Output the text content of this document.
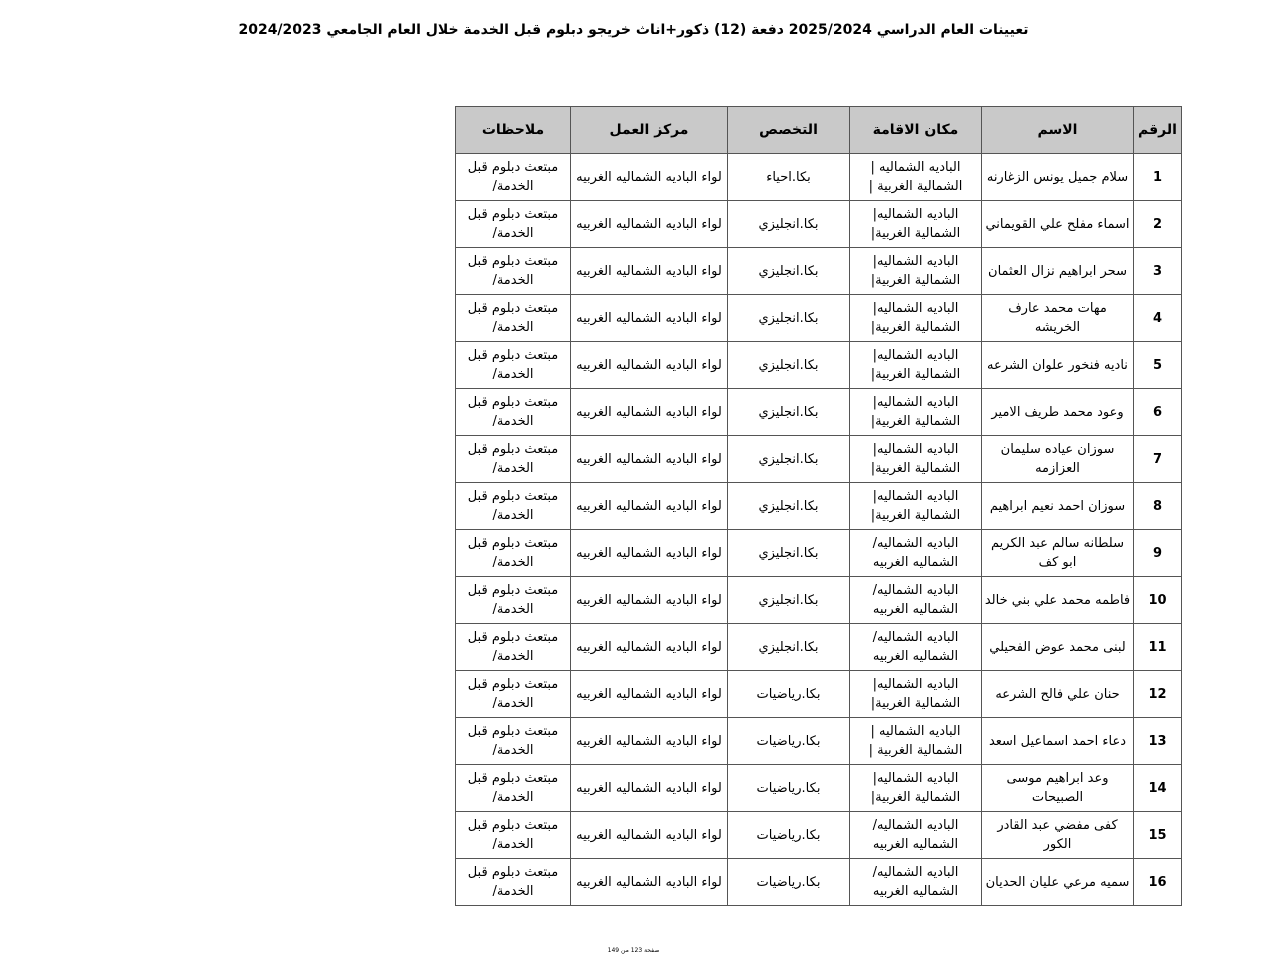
تعيينات العام الدراسي 2025/2024 دفعة (12) ذكور+اناث خريجو دبلوم قبل الخدمة خلال العام الجامعي 2024/2023
الرقم	الاسم	مكان الاقامة	التخصص	مركز العمل	ملاحظات
1	سلام جميل يونس الزغارنه	الباديه الشماليه |الشمالية الغربية |	بكا.احياء	لواء الباديه الشماليه الغربيه	مبتعث دبلوم قبل الخدمة/
2	اسماء مفلح علي القويماني	الباديه الشماليه|الشمالية الغربية|	بكا.انجليزي	لواء الباديه الشماليه الغربيه	مبتعث دبلوم قبل الخدمة/
3	سحر ابراهيم نزال العثمان	الباديه الشماليه|الشمالية الغربية|	بكا.انجليزي	لواء الباديه الشماليه الغربيه	مبتعث دبلوم قبل الخدمة/
4	مهات محمد عارف الخريشه	الباديه الشماليه|الشمالية الغربية|	بكا.انجليزي	لواء الباديه الشماليه الغربيه	مبتعث دبلوم قبل الخدمة/
5	ناديه فنخور علوان الشرعه	الباديه الشماليه|الشمالية الغربية|	بكا.انجليزي	لواء الباديه الشماليه الغربيه	مبتعث دبلوم قبل الخدمة/
6	وعود محمد طريف الامير	الباديه الشماليه|الشمالية الغربية|	بكا.انجليزي	لواء الباديه الشماليه الغربيه	مبتعث دبلوم قبل الخدمة/
7	سوزان عياده سليمان العزازمه	الباديه الشماليه|الشمالية الغربية|	بكا.انجليزي	لواء الباديه الشماليه الغربيه	مبتعث دبلوم قبل الخدمة/
8	سوزان احمد نعيم ابراهيم	الباديه الشماليه|الشمالية الغربية|	بكا.انجليزي	لواء الباديه الشماليه الغربيه	مبتعث دبلوم قبل الخدمة/
9	سلطانه سالم عبد الكريم ابو كف	الباديه الشماليه/الشماليه الغربيه	بكا.انجليزي	لواء الباديه الشماليه الغربيه	مبتعث دبلوم قبل الخدمة/
10	فاطمه محمد علي بني خالد	الباديه الشماليه/الشماليه الغربيه	بكا.انجليزي	لواء الباديه الشماليه الغربيه	مبتعث دبلوم قبل الخدمة/
11	لبنى محمد عوض الفحيلي	الباديه الشماليه/الشماليه الغربيه	بكا.انجليزي	لواء الباديه الشماليه الغربيه	مبتعث دبلوم قبل الخدمة/
12	حنان علي فالح الشرعه	الباديه الشماليه|الشمالية الغربية|	بكا.رياضيات	لواء الباديه الشماليه الغربيه	مبتعث دبلوم قبل الخدمة/
13	دعاء احمد اسماعيل اسعد	الباديه الشماليه |الشمالية الغربية |	بكا.رياضيات	لواء الباديه الشماليه الغربيه	مبتعث دبلوم قبل الخدمة/
14	وعد ابراهيم موسى الصبيحات	الباديه الشماليه|الشمالية الغربية|	بكا.رياضيات	لواء الباديه الشماليه الغربيه	مبتعث دبلوم قبل الخدمة/
15	كفى مفضي عبد القادر الكور	الباديه الشماليه/الشماليه الغربيه	بكا.رياضيات	لواء الباديه الشماليه الغربيه	مبتعث دبلوم قبل الخدمة/
16	سميه مرعي عليان الحديان	الباديه الشماليه/الشماليه الغربيه	بكا.رياضيات	لواء الباديه الشماليه الغربيه	مبتعث دبلوم قبل الخدمة/
صفحة 123 من 149
